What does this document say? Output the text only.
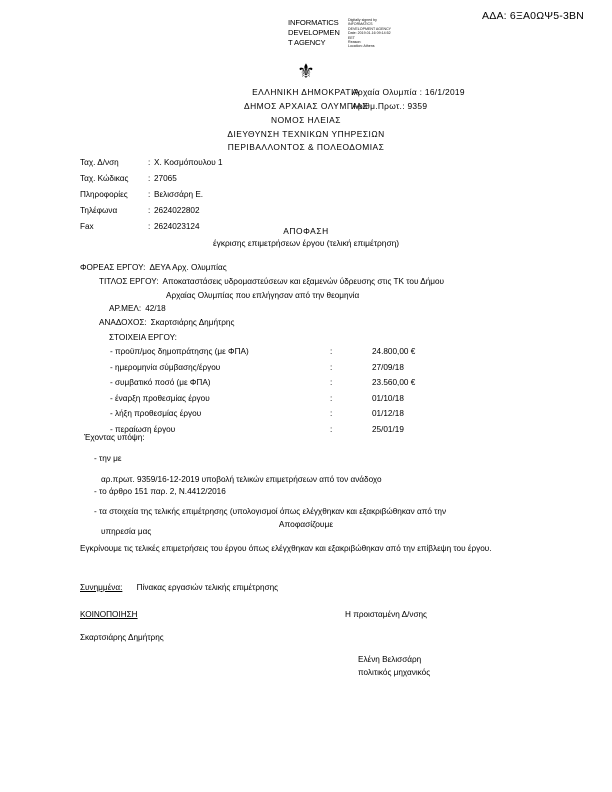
ΑΔΑ: 6ΞΑ0ΩΨ5-3ΒΝ
INFORMATICS
DEVELOPMEN
T AGENCY
Digitally signed by
INFORMATICS
DEVELOPMENT AGENCY
Date: 2019.01.16 09:14:52
EET
Reason:
Location: Athens
⚜
ΕΛΛΗΝΙΚΗ ΔΗΜΟΚΡΑΤΙΑ
ΔΗΜΟΣ ΑΡΧΑΙΑΣ ΟΛΥΜΠΙΑΣ
ΝΟΜΟΣ ΗΛΕΙΑΣ
ΔΙΕΥΘΥΝΣΗ ΤΕΧΝΙΚΩΝ ΥΠΗΡΕΣΙΩΝ
ΠΕΡΙΒΑΛΛΟΝΤΟΣ & ΠΟΛΕΟΔΟΜΙΑΣ
Αρχαία Ολυμπία : 16/1/2019
Αριθμ.Πρωτ.: 9359
Ταχ. Δ/νση	: Χ. Κοσμόπουλου 1
Ταχ. Κώδικας	: 27065
Πληροφορίες	: Βελισσάρη Ε.
Τηλέφωνα	: 2624022802
Fax	: 2624023124	ΑΠΟΦΑΣΗ
έγκρισης επιμετρήσεων έργου (τελική επιμέτρηση)
ΦΟΡΕΑΣ ΕΡΓΟΥ: ΔΕΥΑ Αρχ. Ολυμπίας
ΤΙΤΛΟΣ ΕΡΓΟΥ: Αποκαταστάσεις υδρομαστεύσεων και εξαμενών ύδρευσης στις ΤΚ του Δήμου
Αρχαίας Ολυμπίας που επλήγησαν από την θεομηνία
ΑΡ.ΜΕΛ: 42/18
ΑΝΑΔΟΧΟΣ: Σκαρτσιάρης Δημήτρης
ΣΤΟΙΧΕΙΑ ΕΡΓΟΥ:
- προϋπ/μος δημοπράτησης (με ΦΠΑ)	:	24.800,00 €
- ημερομηνία σύμβασης/έργου	:	27/09/18
- συμβατικό ποσό (με ΦΠΑ)	:	23.560,00 €
- έναρξη προθεσμίας έργου	:	01/10/18
- λήξη προθεσμίας έργου	:	01/12/18
- περαίωση έργου	:	25/01/19
Έχοντας υπόψη:
- την με
αρ.πρωτ. 9359/16-12-2019 υποβολή τελικών επιμετρήσεων από τον ανάδοχο
- το άρθρο 151 παρ. 2, Ν.4412/2016
- τα στοιχεία της τελικής επιμέτρησης (υπολογισμοί όπως ελέγχθηκαν και εξακριβώθηκαν από την
υπηρεσία μας
Αποφασίζουμε
Εγκρίνουμε τις τελικές επιμετρήσεις του έργου όπως ελέγχθηκαν και εξακριβώθηκαν από την επίβλεψη του έργου.
Συνημμένα: Πίνακας εργασιών τελικής επιμέτρησης
ΚΟΙΝΟΠΟΙΗΣΗ
Σκαρτσιάρης Δημήτρης
Η προισταμένη Δ/νσης
Ελένη Βελισσάρη
πολιτικός μηχανικός
